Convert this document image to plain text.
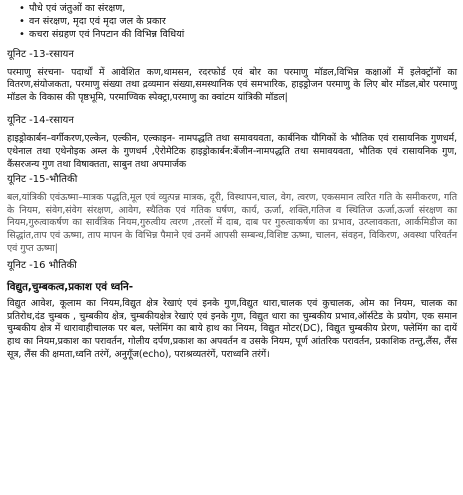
• पौधे एवं जंतुओं का संरक्षण,
• वन संरक्षण, मृदा एवं मृदा जल के प्रकार
• कचरा संग्रहण एवं निपटान की विभिन्न विधियां

यूनिट -13-रसायन

परमाणु संरचना- पदार्थों में आवेशित कण,थामसन, रदरफोर्ड एवं बोर का परमाणु मॉडल,विभिन्न कक्षाओं में इलेक्ट्रॉनों का वितरण,संयोजकता, परमाणु संख्या तथा द्रव्यमान संख्या,समस्थानिक एवं समभारिक, हाइड्रोजन परमाणु के लिए बोर मॉडल,बोर परमाणु मॉडल के विकास की पृष्ठभूमि, परमाण्विक स्पेक्ट्रा,परमाणु का क्वांटम यांत्रिकी मॉडल|

यूनिट -14-रसायन

हाइड्रोकार्बन–वर्गीकरण,एल्केन, एल्कीन, एल्काइन- नामपद्धति तथा समावयवता, कार्बनिक यौगिकों के भौतिक एवं रासायनिक गुणधर्म, एथेनाल तथा एथेनोइक अम्ल के गुणधर्म ,ऐरोमेटिक हाइड्रोकार्बन:बेंजीन-नामपद्धति तथा समावयवता, भौतिक एवं रासायनिक गुण, कैंसरजन्य गुण तथा विषाक्तता, साबुन तथा अपमार्जक

यूनिट -15-भौतिकी

बल,यांत्रिकी एवंऊष्मा–मात्रक पद्धति,मूल एवं व्युत्पन्न मात्रक, दूरी, विस्थापन,चाल, वेग, त्वरण, एकसमान त्वरित गति के समीकरण, गति के नियम, संवेग,संवेग संरक्षण, आवेग, स्थैतिक एवं गतिक घर्षण, कार्य, ऊर्जा, शक्ति,गतिज व स्थितिज ऊर्जा,ऊर्जा संरक्षण का नियम,गुरुत्वाकर्षण का सार्वत्रिक नियम,गुरुत्वीय त्वरण ,तरलों में दाब, दाब पर गुरुत्वाकर्षण का प्रभाव, उत्प्लावकता, आर्कमिडीज का सिद्धांत,ताप एवं ऊष्मा, ताप मापन के विभिन्न पैमाने एवं उनमें आपसी सम्बन्ध,विशिष्ट ऊष्मा, चालन, संवहन, विकिरण, अवस्था परिवर्तन एवं गुप्त ऊष्मा|

यूनिट -16 भौतिकी

विद्युत,चुम्बकत्व,प्रकाश एवं ध्वनि-

विद्युत आवेश, कूलाम का नियम,विद्युत क्षेत्र रेखाएं एवं इनके गुण,विद्युत धारा,चालक एवं कुचालक, ओम का नियम, चालक का प्रतिरोध,दंड चुम्बक , चुम्बकीय क्षेत्र, चुम्बकीयक्षेत्र रेखाएं एवं इनके गुण, विद्युत धारा का चुम्बकीय प्रभाव,ऑर्सटेड के प्रयोग, एक समान चुम्बकीय क्षेत्र में धारावाहीचालक पर बल, फ्लेमिंग का बाये हाथ का नियम, विद्युत मोटर(DC), विद्युत चुम्बकीय प्रेरण, फ्लेमिंग का दायें हाथ का नियम,प्रकाश का परावर्तन, गोलीय दर्पण,प्रकाश का अपवर्तन व उसके नियम, पूर्ण आंतरिक परावर्तन, प्रकाशिक तन्तु,लैंस, लैंस सूत्र, लैंस की क्षमता,ध्वनि तरंगें, अनुगूँज(echo), पराश्रव्यतरंगें, पराध्वनि तरंगें।
